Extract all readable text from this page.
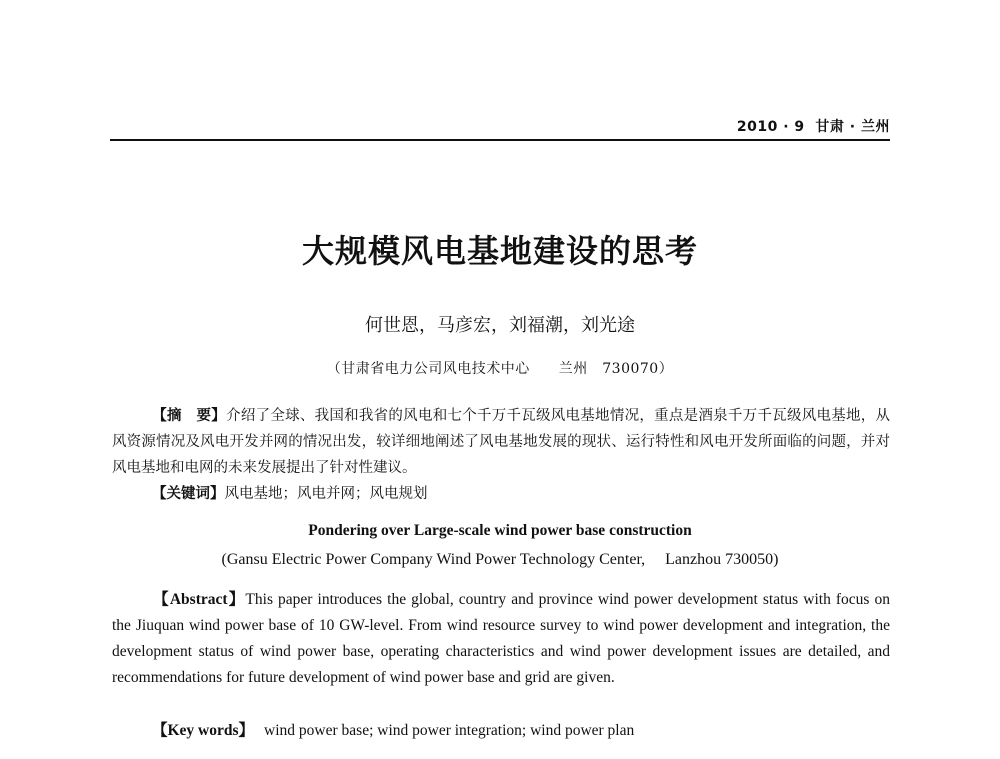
2010 · 9 甘肃 · 兰州
大规模风电基地建设的思考
何世恩，马彦宏，刘福潮，刘光途
（甘肃省电力公司风电技术中心　　兰州　730070）
【摘　要】介绍了全球、我国和我省的风电和七个千万千瓦级风电基地情况，重点是酒泉千万千瓦级风电基地，从风资源情况及风电开发并网的情况出发，较详细地阐述了风电基地发展的现状、运行特性和风电开发所面临的问题，并对风电基地和电网的未来发展提出了针对性建议。
【关键词】风电基地；风电并网；风电规划
Pondering over Large-scale wind power base construction
(Gansu Electric Power Company Wind Power Technology Center,　 Lanzhou 730050)
【Abstract】This paper introduces the global, country and province wind power development status with focus on the Jiuquan wind power base of 10 GW-level. From wind resource survey to wind power development and integration, the development status of wind power base, operating characteristics and wind power development issues are detailed, and recommendations for future development of wind power base and grid are given.
【Key words】 wind power base; wind power integration; wind power plan
